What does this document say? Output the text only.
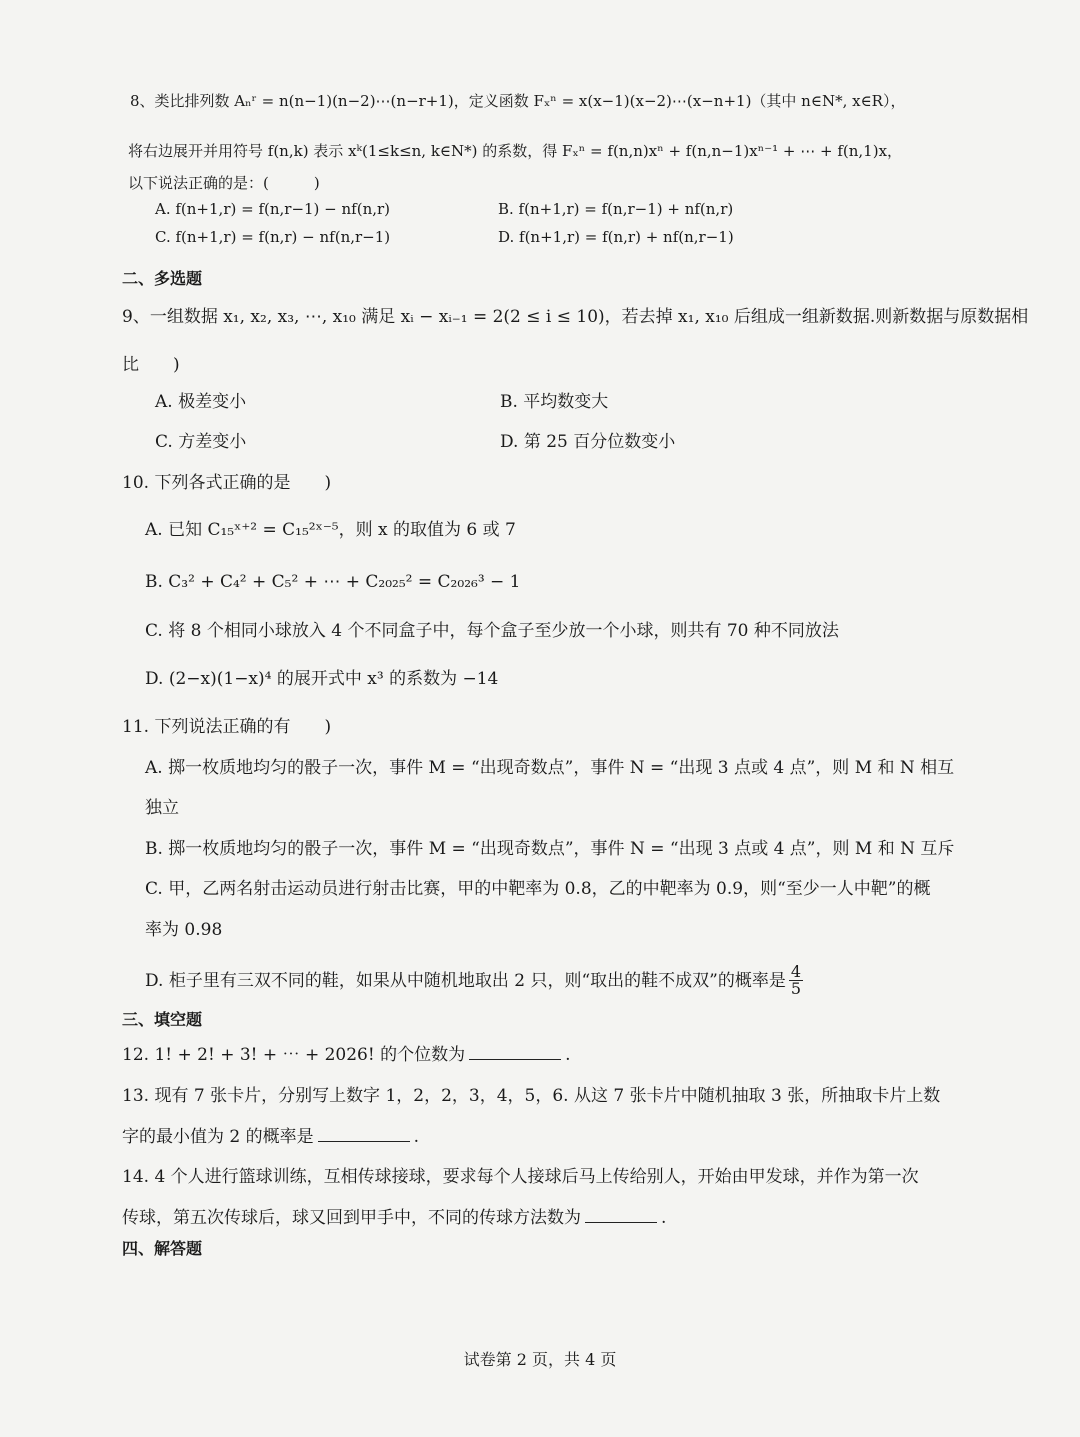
8、类比排列数 Aₙʳ = n(n−1)(n−2)⋯(n−r+1)，定义函数 Fₓⁿ = x(x−1)(x−2)⋯(x−n+1)（其中 n∈N*, x∈R），
将右边展开并用符号 f(n,k) 表示 xᵏ(1≤k≤n, k∈N*) 的系数，得 Fₓⁿ = f(n,n)xⁿ + f(n,n−1)xⁿ⁻¹ + ⋯ + f(n,1)x，
以下说法正确的是：(　　　)
A. f(n+1,r) = f(n,r−1) − nf(n,r)	B. f(n+1,r) = f(n,r−1) + nf(n,r)
C. f(n+1,r) = f(n,r) − nf(n,r−1)	D. f(n+1,r) = f(n,r) + nf(n,r−1)
二、多选题
9、一组数据 x₁, x₂, x₃, ⋯, x₁₀ 满足 xᵢ − xᵢ₋₁ = 2(2 ≤ i ≤ 10)，若去掉 x₁, x₁₀ 后组成一组新数据.则新数据与原数据相
比　　)
A. 极差变小	B. 平均数变大
C. 方差变小	D. 第 25 百分位数变小
10. 下列各式正确的是　　)
A. 已知 C₁₅ˣ⁺² = C₁₅²ˣ⁻⁵，则 x 的取值为 6 或 7
B. C₃² + C₄² + C₅² + ⋯ + C₂₀₂₅² = C₂₀₂₆³ − 1
C. 将 8 个相同小球放入 4 个不同盒子中，每个盒子至少放一个小球，则共有 70 种不同放法
D. (2−x)(1−x)⁴ 的展开式中 x³ 的系数为 −14
11. 下列说法正确的有　　)
A. 掷一枚质地均匀的骰子一次，事件 M = “出现奇数点”，事件 N = “出现 3 点或 4 点”，则 M 和 N 相互
独立
B. 掷一枚质地均匀的骰子一次，事件 M = “出现奇数点”，事件 N = “出现 3 点或 4 点”，则 M 和 N 互斥
C. 甲，乙两名射击运动员进行射击比赛，甲的中靶率为 0.8，乙的中靶率为 0.9，则“至少一人中靶”的概
率为 0.98
D. 柜子里有三双不同的鞋，如果从中随机地取出 2 只，则“取出的鞋不成双”的概率是 $\frac{4}{5}$
三、填空题
12. 1! + 2! + 3! + ⋯ + 2026! 的个位数为	.
13. 现有 7 张卡片，分别写上数字 1，2，2，3，4，5，6. 从这 7 张卡片中随机抽取 3 张，所抽取卡片上数
字的最小值为 2 的概率是	.
14. 4 个人进行篮球训练，互相传球接球，要求每个人接球后马上传给别人，开始由甲发球，并作为第一次
传球，第五次传球后，球又回到甲手中，不同的传球方法数为	.
四、解答题
试卷第 2 页，共 4 页
